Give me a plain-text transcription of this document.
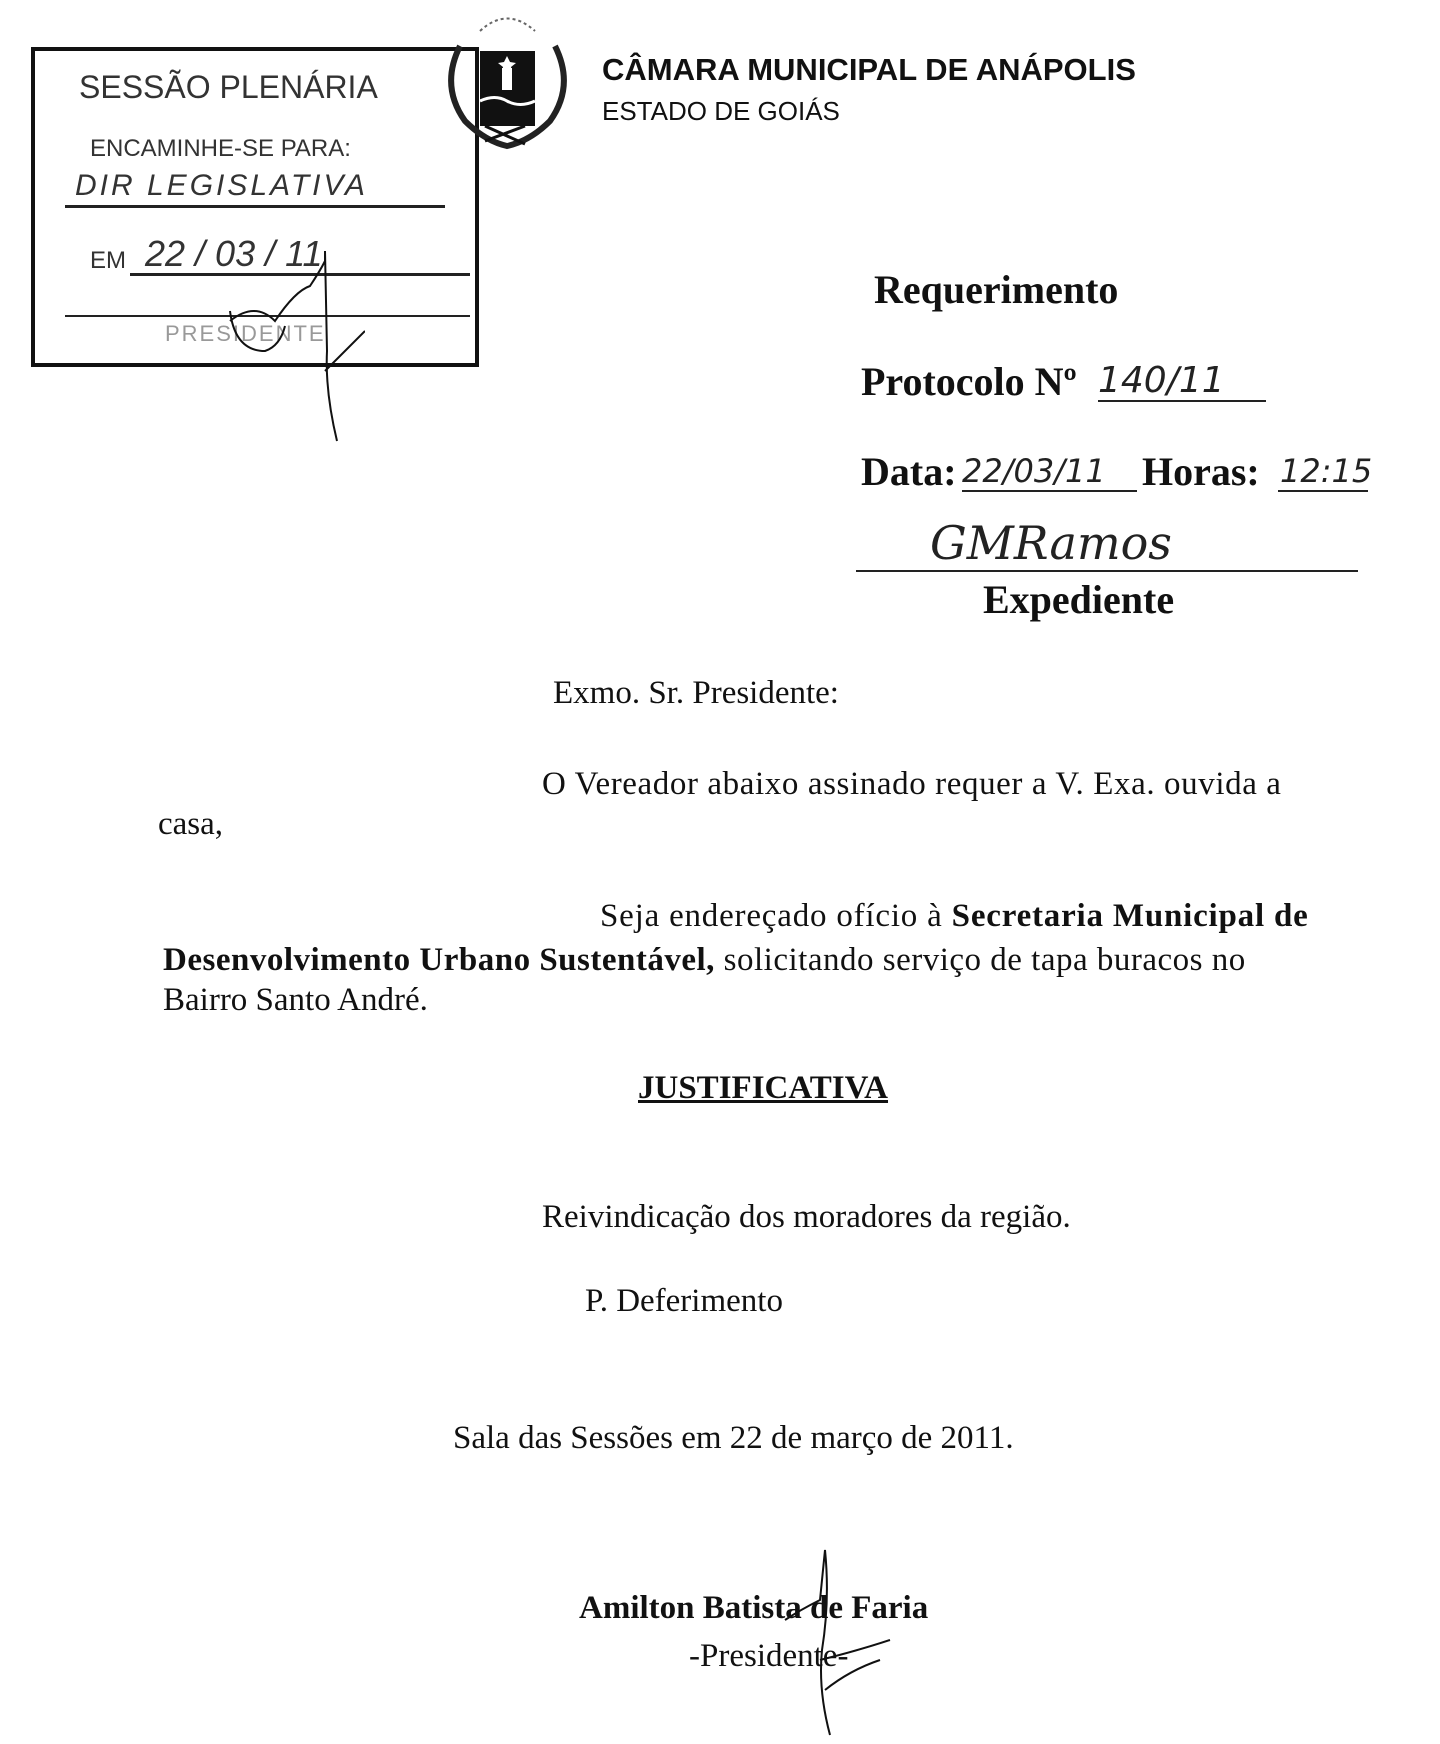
SESSÃO PLENÁRIA
ENCAMINHE-SE PARA:
DIR LEGISLATIVA
EM 22 / 03 / 11
PRESIDENTE
CÂMARA MUNICIPAL DE ANÁPOLIS
ESTADO DE GOIÁS
Requerimento
Protocolo Nº 140/11
Data: 22/03/11 Horas: 12:15
GMRamos
Expediente
Exmo. Sr. Presidente:
O Vereador abaixo assinado requer a V. Exa. ouvida a
casa,
Seja endereçado ofício à Secretaria Municipal de
Desenvolvimento Urbano Sustentável, solicitando serviço de tapa buracos no
Bairro Santo André.
JUSTIFICATIVA
Reivindicação dos moradores da região.
P. Deferimento
Sala das Sessões em 22 de março de 2011.
Amilton Batista de Faria
-Presidente-
